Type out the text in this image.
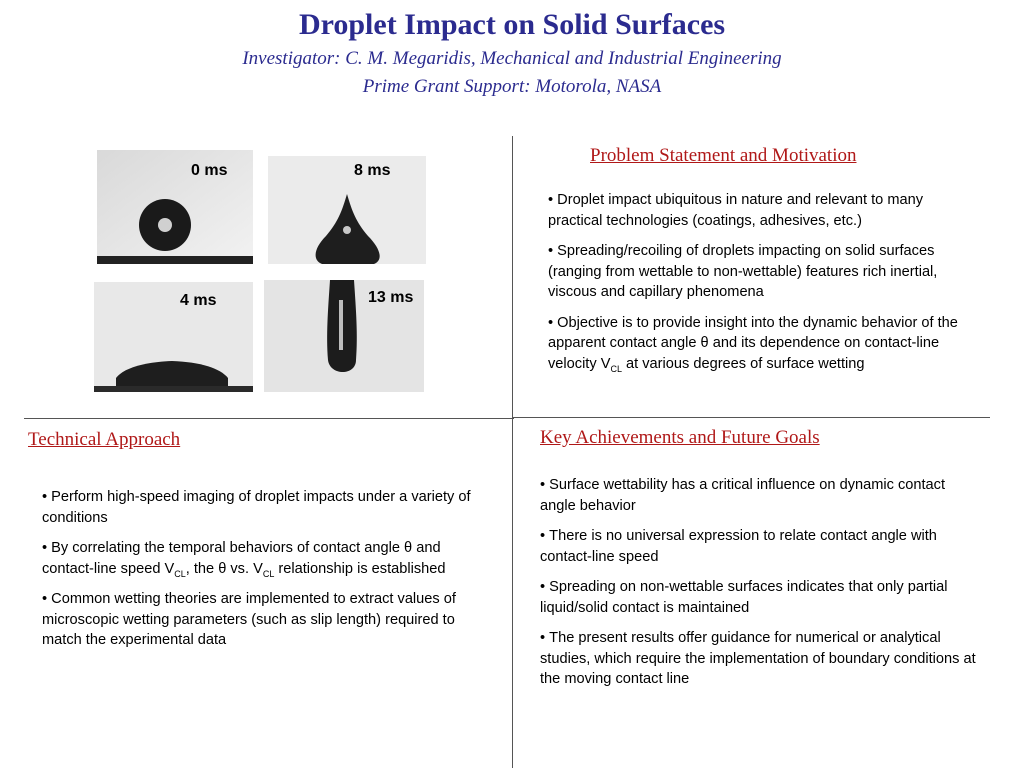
Droplet Impact on Solid Surfaces
Investigator: C. M. Megaridis, Mechanical and Industrial Engineering
Prime Grant Support: Motorola, NASA
0 ms	8 ms
4 ms	13 ms
Problem Statement and Motivation
• Droplet impact ubiquitous in nature and relevant to many practical technologies (coatings, adhesives, etc.)
• Spreading/recoiling of droplets impacting on solid surfaces (ranging from wettable to non-wettable) features rich inertial, viscous and capillary phenomena
• Objective is to provide insight into the dynamic behavior of the apparent contact angle θ and its dependence on contact-line velocity $V_{CL}$ at various degrees of surface wetting
Technical Approach
• Perform high-speed imaging of droplet impacts under a variety of conditions
• By correlating the temporal behaviors of contact angle θ and contact-line speed $V_{CL}$, the θ vs. $V_{CL}$ relationship is established
• Common wetting theories are implemented to extract values of microscopic wetting parameters (such as slip length) required to match the experimental data
Key Achievements and Future Goals
• Surface wettability has a critical influence on dynamic contact angle behavior
• There is no universal expression to relate contact angle with contact-line speed
• Spreading on non-wettable surfaces indicates that only partial liquid/solid contact is maintained
• The present results offer guidance for numerical or analytical studies, which require the implementation of boundary conditions at the moving contact line
